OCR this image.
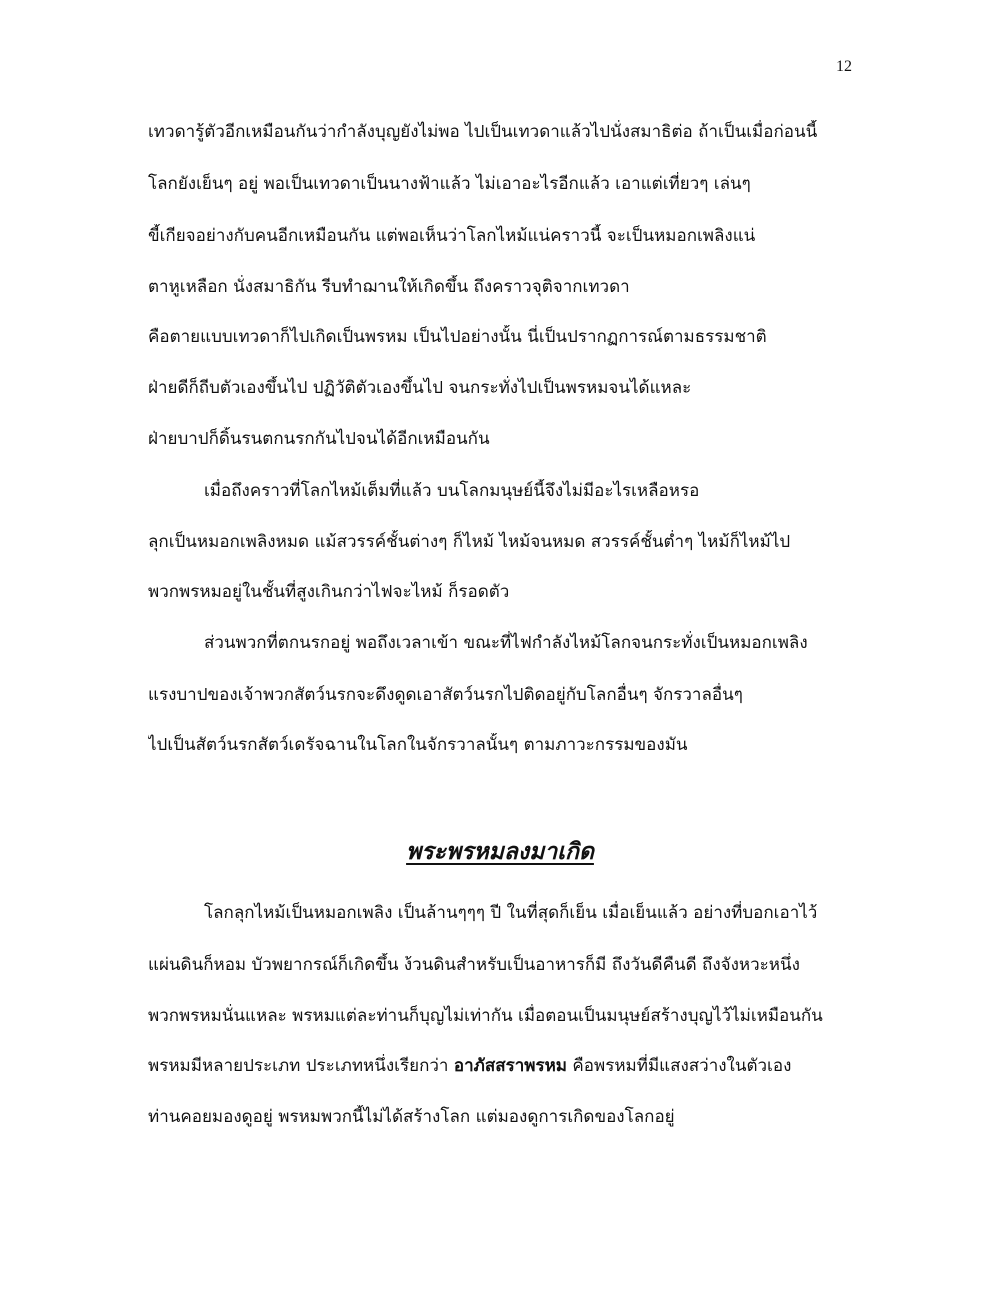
12
เทวดารู้ตัวอีกเหมือนกันว่ากำลังบุญยังไม่พอ ไปเป็นเทวดาแล้วไปนั่งสมาธิต่อ ถ้าเป็นเมื่อก่อนนี้
โลกยังเย็นๆ อยู่ พอเป็นเทวดาเป็นนางฟ้าแล้ว ไม่เอาอะไรอีกแล้ว เอาแต่เที่ยวๆ เล่นๆ
ขี้เกียจอย่างกับคนอีกเหมือนกัน แต่พอเห็นว่าโลกไหม้แน่คราวนี้ จะเป็นหมอกเพลิงแน่
ตาหูเหลือก นั่งสมาธิกัน รีบทำฌานให้เกิดขึ้น ถึงคราวจุติจากเทวดา
คือตายแบบเทวดาก็ไปเกิดเป็นพรหม เป็นไปอย่างนั้น นี่เป็นปรากฏการณ์ตามธรรมชาติ
ฝ่ายดีก็ถีบตัวเองขึ้นไป ปฏิวัติตัวเองขึ้นไป จนกระทั่งไปเป็นพรหมจนได้แหละ
ฝ่ายบาปก็ดิ้นรนตกนรกกันไปจนได้อีกเหมือนกัน
เมื่อถึงคราวที่โลกไหม้เต็มที่แล้ว บนโลกมนุษย์นี้จึงไม่มีอะไรเหลือหรอ
ลุกเป็นหมอกเพลิงหมด แม้สวรรค์ชั้นต่างๆ ก็ไหม้ ไหม้จนหมด สวรรค์ชั้นต่ำๆ ไหม้ก็ไหม้ไป
พวกพรหมอยู่ในชั้นที่สูงเกินกว่าไฟจะไหม้ ก็รอดตัว
ส่วนพวกที่ตกนรกอยู่ พอถึงเวลาเข้า ขณะที่ไฟกำลังไหม้โลกจนกระทั่งเป็นหมอกเพลิง
แรงบาปของเจ้าพวกสัตว์นรกจะดึงดูดเอาสัตว์นรกไปติดอยู่กับโลกอื่นๆ จักรวาลอื่นๆ
ไปเป็นสัตว์นรกสัตว์เดรัจฉานในโลกในจักรวาลนั้นๆ ตามภาวะกรรมของมัน
พระพรหมลงมาเกิด
โลกลุกไหม้เป็นหมอกเพลิง เป็นล้านๆๆๆ ปี ในที่สุดก็เย็น เมื่อเย็นแล้ว อย่างที่บอกเอาไว้
แผ่นดินก็หอม บัวพยากรณ์ก็เกิดขึ้น ง้วนดินสำหรับเป็นอาหารก็มี ถึงวันดีคืนดี ถึงจังหวะหนึ่ง
พวกพรหมนั่นแหละ พรหมแต่ละท่านก็บุญไม่เท่ากัน เมื่อตอนเป็นมนุษย์สร้างบุญไว้ไม่เหมือนกัน
พรหมมีหลายประเภท ประเภทหนึ่งเรียกว่า อาภัสสราพรหม คือพรหมที่มีแสงสว่างในตัวเอง
ท่านคอยมองดูอยู่ พรหมพวกนี้ไม่ได้สร้างโลก แต่มองดูการเกิดของโลกอยู่
